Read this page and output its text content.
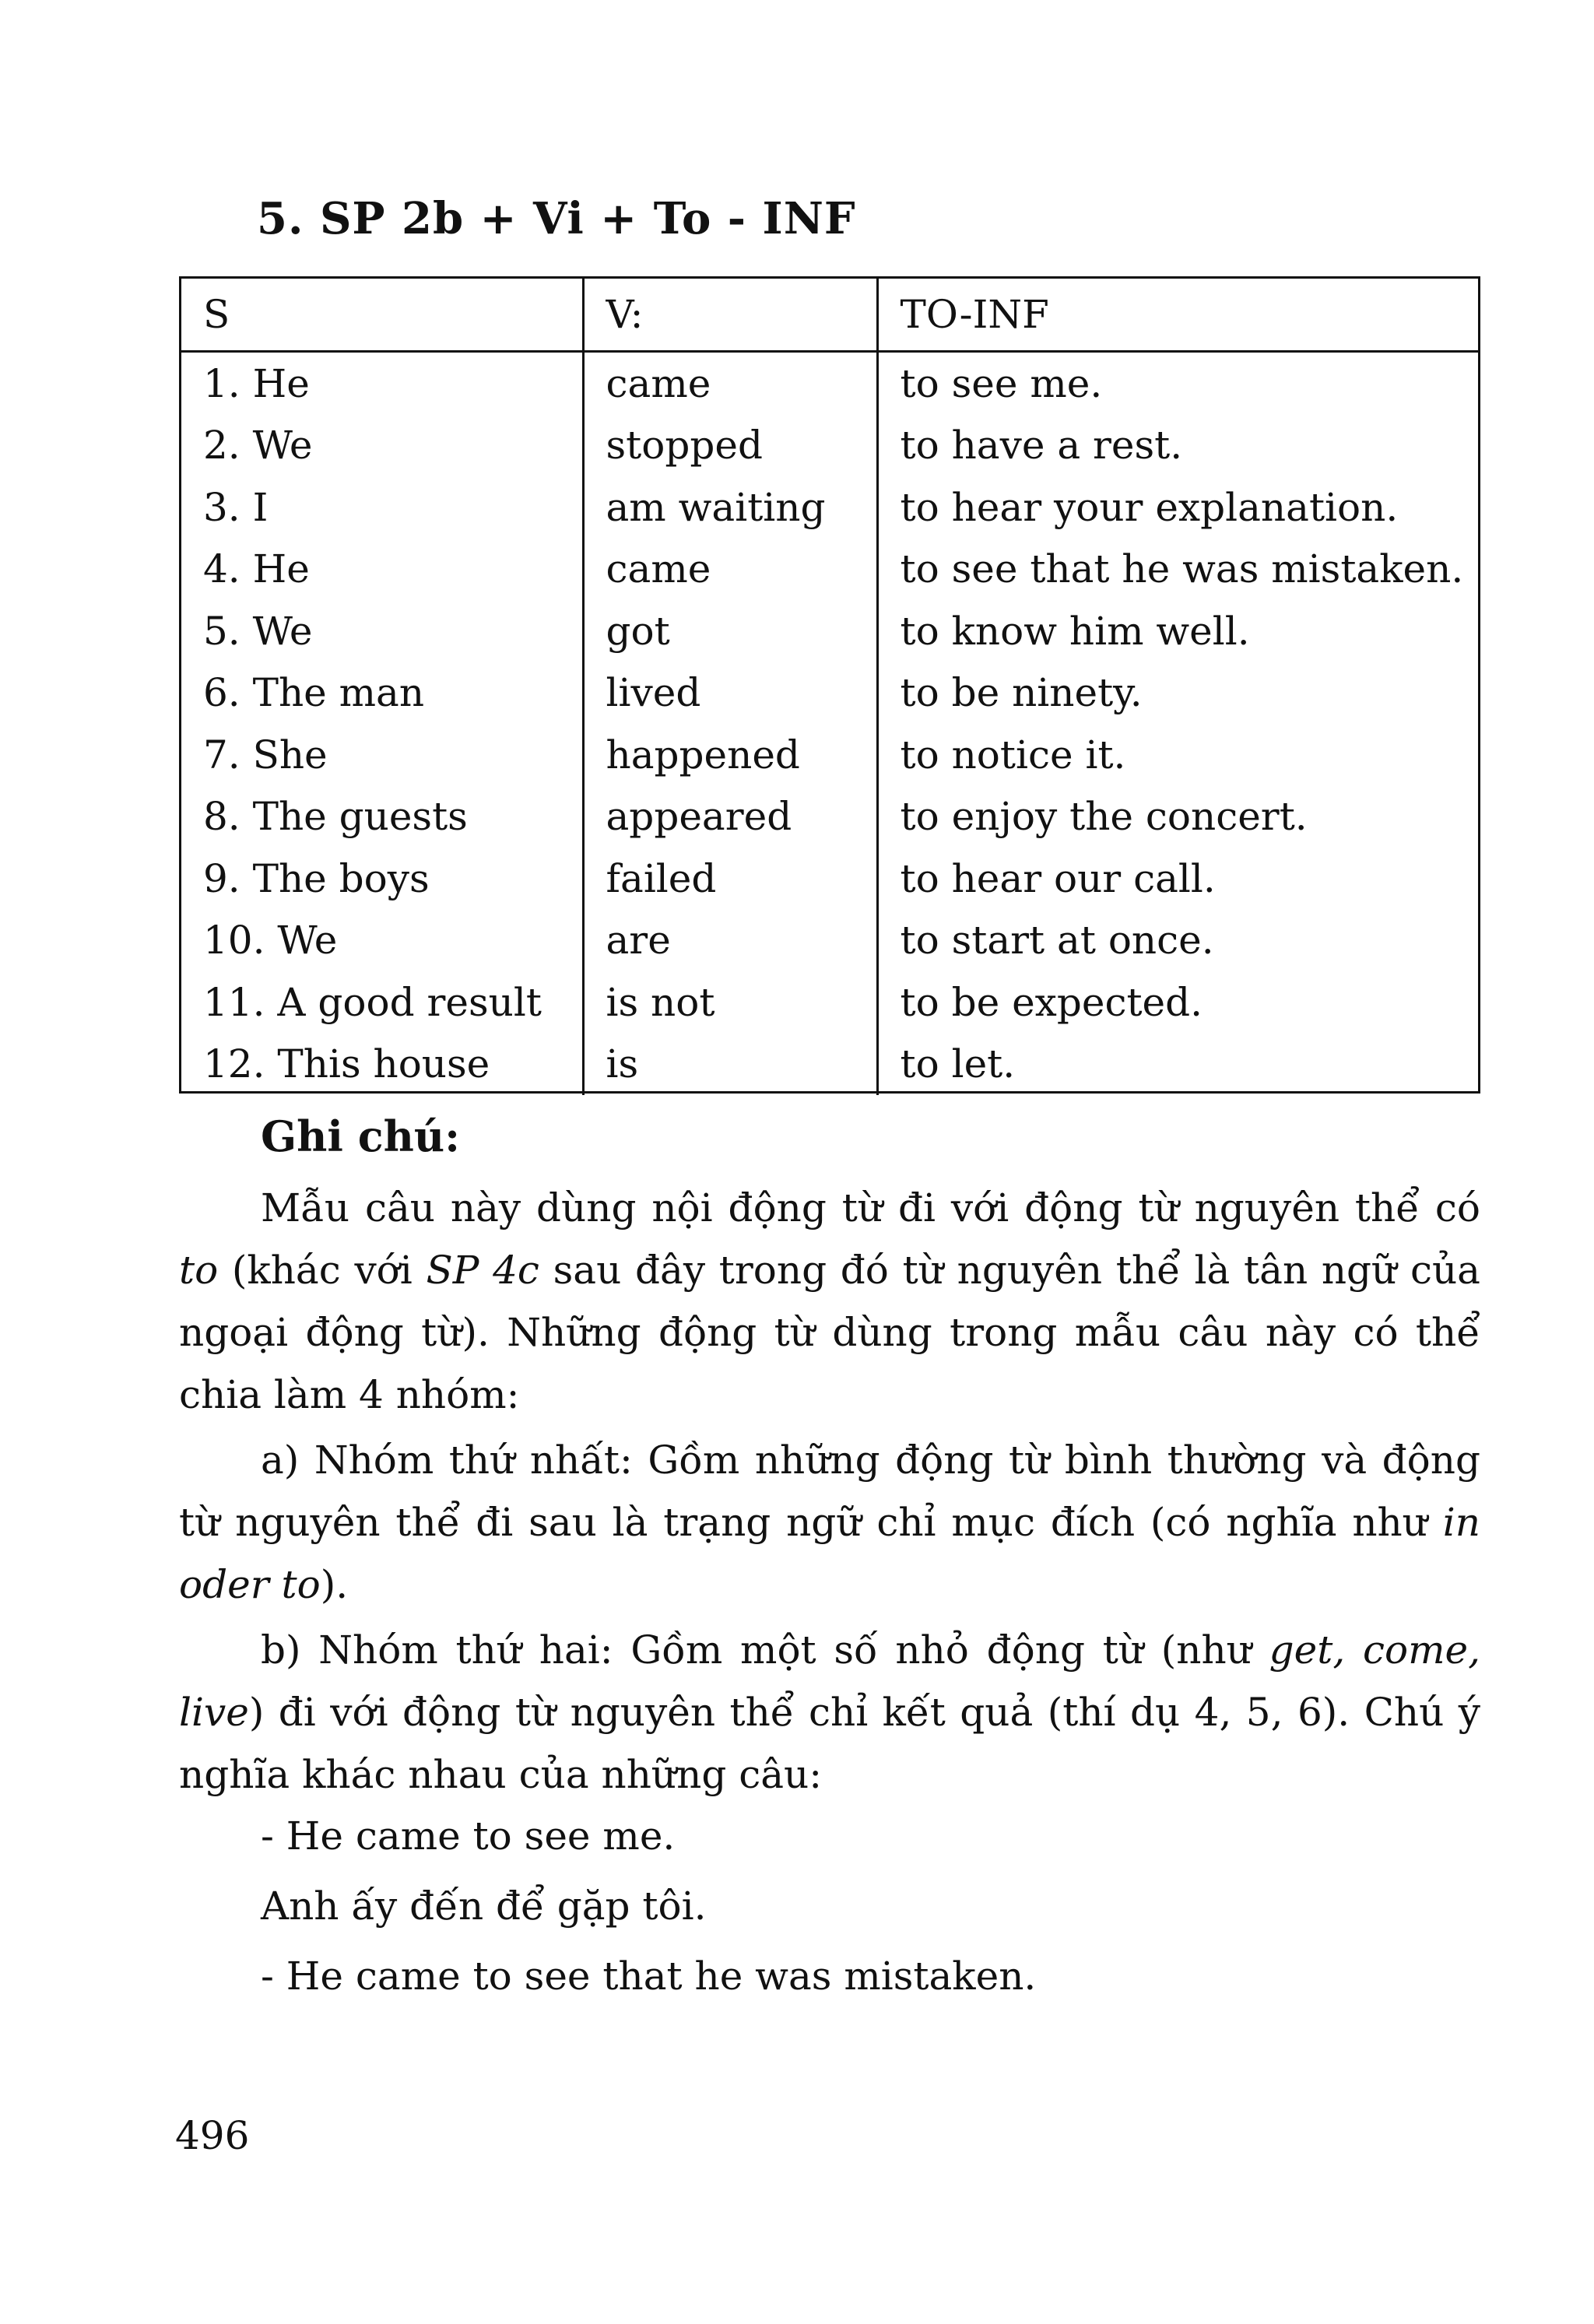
5. SP 2b + Vi + To - INF
S	V:	TO-INF
1. He	came	to see me.
2. We	stopped	to have a rest.
3. I	am waiting	to hear your explanation.
4. He	came	to see that he was mistaken.
5. We	got	to know him well.
6. The man	lived	to be ninety.
7. She	happened	to notice it.
8. The guests	appeared	to enjoy the concert.
9. The boys	failed	to hear our call.
10. We	are	to start at once.
11. A good result	is not	to be expected.
12. This house	is	to let.
Ghi chú:

Mẫu câu này dùng nội động từ đi với động từ nguyên thể có to (khác với SP 4c sau đây trong đó từ nguyên thể là tân ngữ của ngoại động từ). Những động từ dùng trong mẫu câu này có thể chia làm 4 nhóm:

a) Nhóm thứ nhất: Gồm những động từ bình thường và động từ nguyên thể đi sau là trạng ngữ chỉ mục đích (có nghĩa như in oder to).

b) Nhóm thứ hai: Gồm một số nhỏ động từ (như get, come, live) đi với động từ nguyên thể chỉ kết quả (thí dụ 4, 5, 6). Chú ý nghĩa khác nhau của những câu:

- He came to see me.
Anh ấy đến để gặp tôi.
- He came to see that he was mistaken.
496
